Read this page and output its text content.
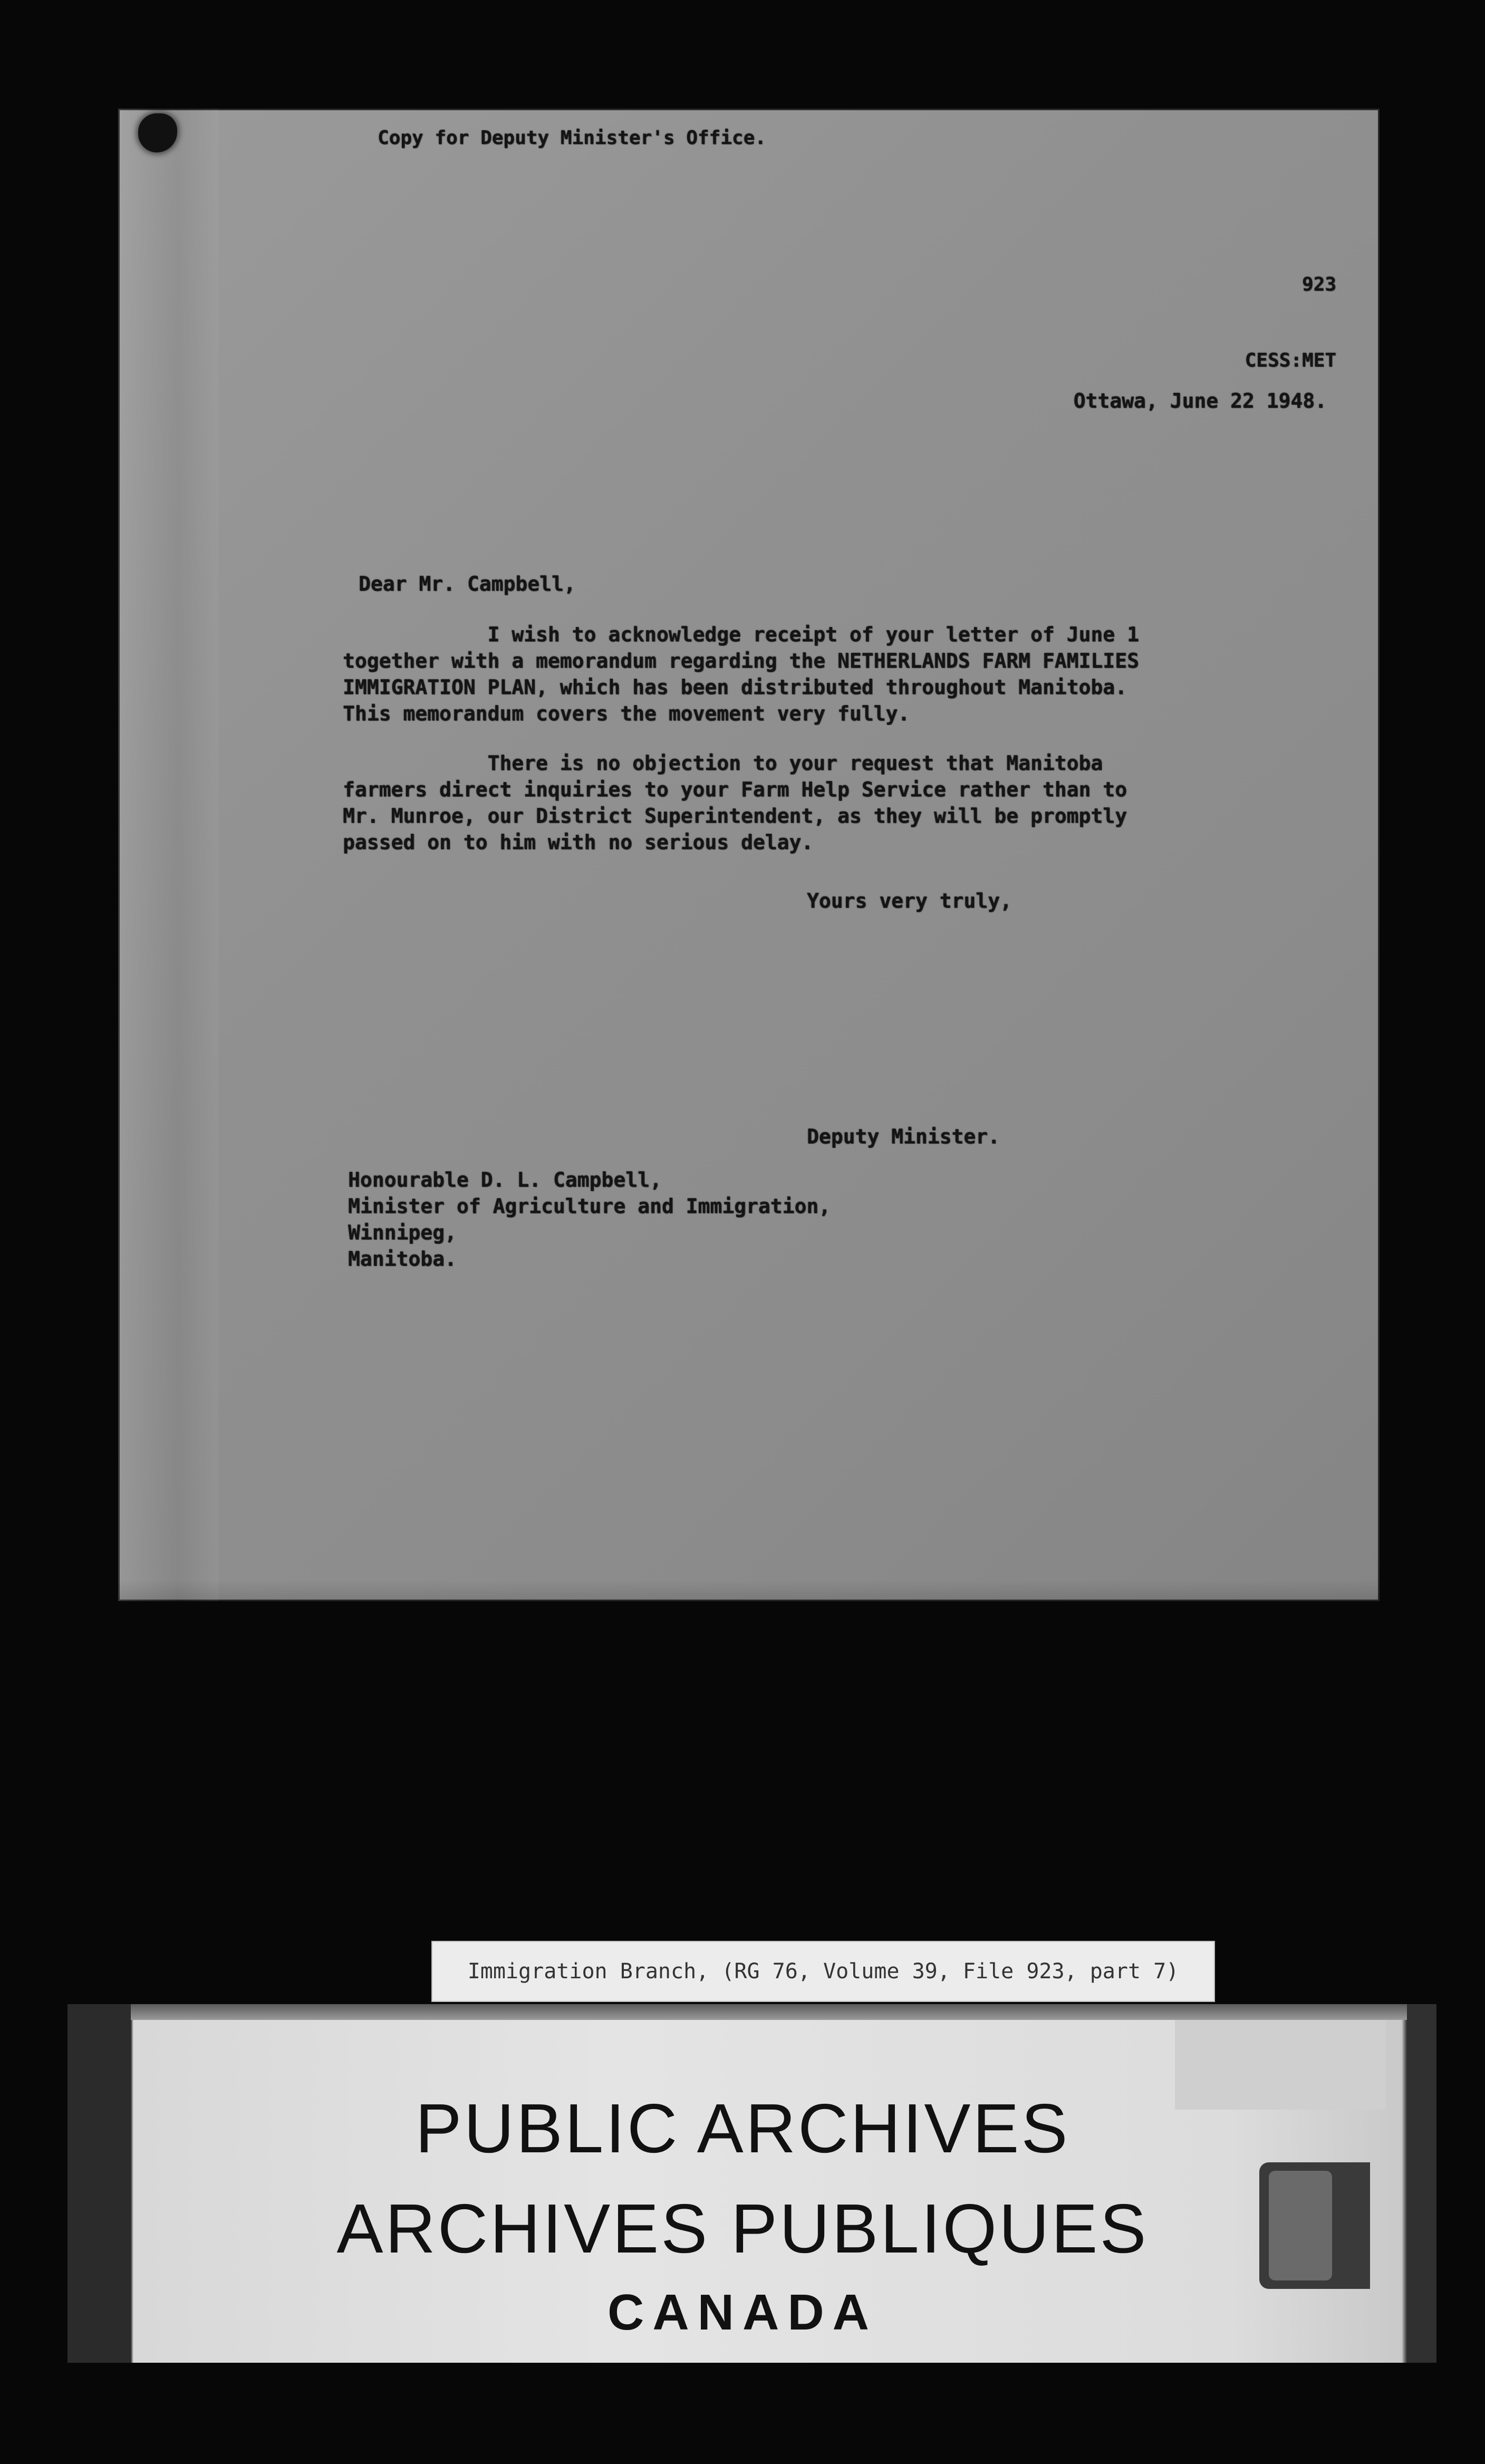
Copy for Deputy Minister's Office.

923

CESS:MET

Ottawa, June 22 1948.

Dear Mr. Campbell,

I wish to acknowledge receipt of your letter of June 1
together with a memorandum regarding the NETHERLANDS FARM FAMILIES
IMMIGRATION PLAN, which has been distributed throughout Manitoba.
This memorandum covers the movement very fully.

There is no objection to your request that Manitoba
farmers direct inquiries to your Farm Help Service rather than to
Mr. Munroe, our District Superintendent, as they will be promptly
passed on to him with no serious delay.

Yours very truly,

Deputy Minister.

Honourable D. L. Campbell,
Minister of Agriculture and Immigration,
Winnipeg,
Manitoba.

Immigration Branch, (RG 76, Volume 39, File 923, part 7)
PUBLIC ARCHIVES
ARCHIVES PUBLIQUES
CANADA
